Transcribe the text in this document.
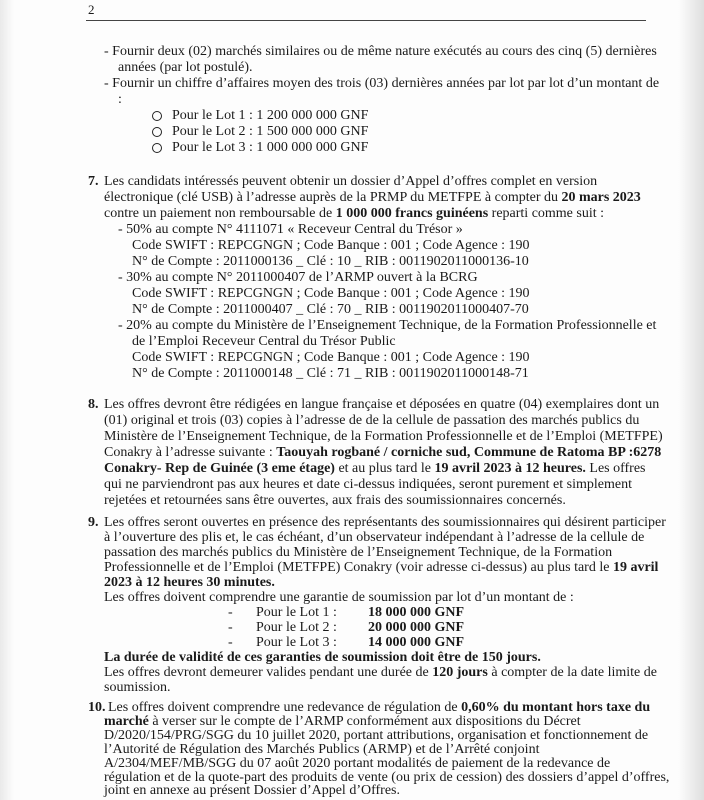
2
- Fournir deux (02) marchés similaires ou de même nature exécutés au cours des cinq (5) dernières
années (par lot postulé).
- Fournir un chiffre d’affaires moyen des trois (03) dernières années par lot par lot d’un montant de
:
Pour le Lot 1 : 1 200 000 000 GNF
Pour le Lot 2 : 1 500 000 000 GNF
Pour le Lot 3 : 1 000 000 000 GNF
7. Les candidats intéressés peuvent obtenir un dossier d’Appel d’offres complet en version
électronique (clé USB) à l’adresse auprès de la PRMP du METFPE à compter du 20 mars 2023
contre un paiement non remboursable de 1 000 000 francs guinéens reparti comme suit :
- 50% au compte N° 4111071 « Receveur Central du Trésor »
Code SWIFT : REPCGNGN ; Code Banque : 001 ; Code Agence : 190
N° de Compte : 2011000136 _ Clé : 10 _ RIB : 0011902011000136-10
- 30% au compte N° 2011000407 de l’ARMP ouvert à la BCRG
Code SWIFT : REPCGNGN ; Code Banque : 001 ; Code Agence : 190
N° de Compte : 2011000407 _ Clé : 70 _ RIB : 0011902011000407-70
- 20% au compte du Ministère de l’Enseignement Technique, de la Formation Professionnelle et
de l’Emploi Receveur Central du Trésor Public
Code SWIFT : REPCGNGN ; Code Banque : 001 ; Code Agence : 190
N° de Compte : 2011000148 _ Clé : 71 _ RIB : 0011902011000148-71
8. Les offres devront être rédigées en langue française et déposées en quatre (04) exemplaires dont un
(01) original et trois (03) copies à l’adresse de de la cellule de passation des marchés publics du
Ministère de l’Enseignement Technique, de la Formation Professionnelle et de l’Emploi (METFPE)
Conakry à l’adresse suivante : Taouyah rogbané / corniche sud, Commune de Ratoma BP :6278
Conakry- Rep de Guinée (3 eme étage) et au plus tard le 19 avril 2023 à 12 heures. Les offres
qui ne parviendront pas aux heures et date ci-dessus indiquées, seront purement et simplement
rejetées et retournées sans être ouvertes, aux frais des soumissionnaires concernés.
9. Les offres seront ouvertes en présence des représentants des soumissionnaires qui désirent participer
à l’ouverture des plis et, le cas échéant, d’un observateur indépendant à l’adresse de la cellule de
passation des marchés publics du Ministère de l’Enseignement Technique, de la Formation
Professionnelle et de l’Emploi (METFPE) Conakry (voir adresse ci-dessus) au plus tard le 19 avril
2023 à 12 heures 30 minutes.
Les offres doivent comprendre une garantie de soumission par lot d’un montant de :
- Pour le Lot 1 : 18 000 000 GNF
- Pour le Lot 2 : 20 000 000 GNF
- Pour le Lot 3 : 14 000 000 GNF
La durée de validité de ces garanties de soumission doit être de 150 jours.
Les offres devront demeurer valides pendant une durée de 120 jours à compter de la date limite de
soumission.
10. Les offres doivent comprendre une redevance de régulation de 0,60% du montant hors taxe du
marché à verser sur le compte de l’ARMP conformément aux dispositions du Décret
D/2020/154/PRG/SGG du 10 juillet 2020, portant attributions, organisation et fonctionnement de
l’Autorité de Régulation des Marchés Publics (ARMP) et de l’Arrêté conjoint
A/2304/MEF/MB/SGG du 07 août 2020 portant modalités de paiement de la redevance de
régulation et de la quote-part des produits de vente (ou prix de cession) des dossiers d’appel d’offres,
joint en annexe au présent Dossier d’Appel d’Offres.
